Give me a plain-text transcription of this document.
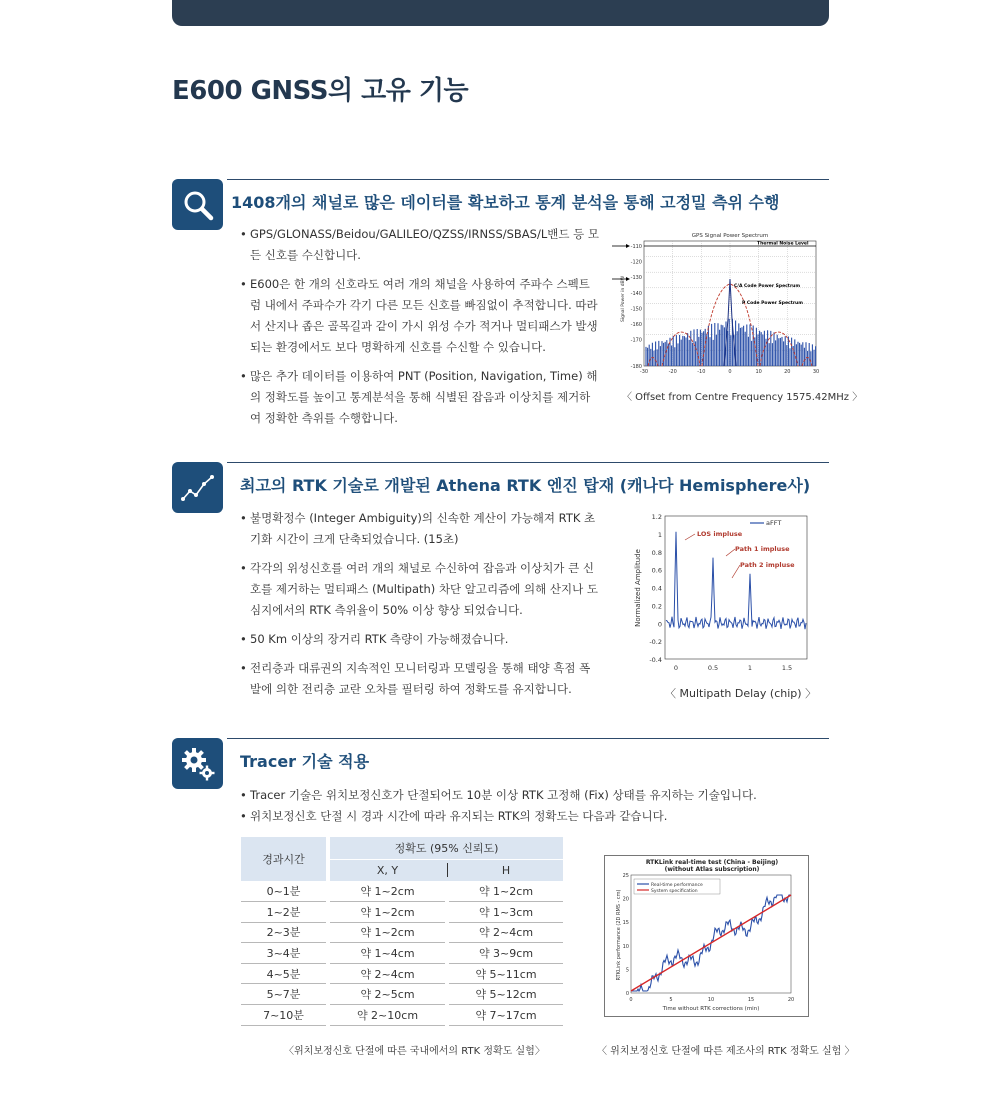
E600 GNSS의 고유 기능
1408개의 채널로 많은 데이터를 확보하고 통계 분석을 통해 고정밀 측위 수행
• GPS/GLONASS/Beidou/GALILEO/QZSS/IRNSS/SBAS/L밴드 등 모든 신호를 수신합니다.
• E600은 한 개의 신호라도 여러 개의 채널을 사용하여 주파수 스펙트럼 내에서 주파수가 각기 다른 모든 신호를 빠짐없이 추적합니다. 따라서 산지나 좁은 골목길과 같이 가시 위성 수가 적거나 멀티패스가 발생되는 환경에서도 보다 명확하게 신호를 수신할 수 있습니다.
• 많은 추가 데이터를 이용하여 PNT (Position, Navigation, Time) 해의 정확도를 높이고 통계분석을 통해 식별된 잡음과 이상치를 제거하여 정확한 측위를 수행합니다.
GPS Signal Power Spectrum
Thermal Noise Level
C/A Code Power Spectrum
P Code Power Spectrum
Signal Power in dBW
-110
-120
-130
-140
-150
-160
-170
-180
-30	-20	-10	0	10	20	30
〈 Offset from Centre Frequency 1575.42MHz 〉
최고의 RTK 기술로 개발된 Athena RTK 엔진 탑재 (캐나다 Hemisphere사)
• 불명확정수 (Integer Ambiguity)의 신속한 계산이 가능해져 RTK 초기화 시간이 크게 단축되었습니다. (15초)
• 각각의 위성신호를 여러 개의 채널로 수신하여 잡음과 이상치가 큰 신호를 제거하는 멀티패스 (Multipath) 차단 알고리즘에 의해 산지나 도심지에서의 RTK 측위율이 50% 이상 향상 되었습니다.
• 50 Km 이상의 장거리 RTK 측량이 가능해졌습니다.
• 전리층과 대류권의 지속적인 모니터링과 모델링을 통해 태양 흑점 폭발에 의한 전리층 교란 오차를 필터링 하여 정확도를 유지합니다.
aFFT
LOS impluse
Path 1 impluse
Path 2 impluse
Normalized Amplitude
1.2
1
0.8
0.6
0.4
0.2
0
-0.2
-0.4
0	0.5	1	1.5
〈 Multipath Delay (chip) 〉
Tracer 기술 적용
• Tracer 기술은 위치보정신호가 단절되어도 10분 이상 RTK 고정해 (Fix) 상태를 유지하는 기술입니다.
• 위치보정신호 단절 시 경과 시간에 따라 유지되는 RTK의 정확도는 다음과 같습니다.
경과시간		정확도 (95% 신뢰도)		
		X, Y		H
0~1분		약 1~2cm		약 1~2cm
1~2분		약 1~2cm		약 1~3cm
2~3분		약 1~2cm		약 2~4cm
3~4분		약 1~4cm		약 3~9cm
4~5분		약 2~4cm		약 5~11cm
5~7분		약 2~5cm		약 5~12cm
7~10분		약 2~10cm		약 7~17cm
〈위치보정신호 단절에 따른 국내에서의 RTK 정확도 실험〉
RTKLink real-time test (China - Beijing)
(without Atlas subscription)
Real-time performance
System specification
RTKLink performance (2D RMS - cm)
Time without RTK corrections (min)
25
20
15
10
5
0
0	5	10	15	20
〈 위치보정신호 단절에 따른 제조사의 RTK 정확도 실험 〉
